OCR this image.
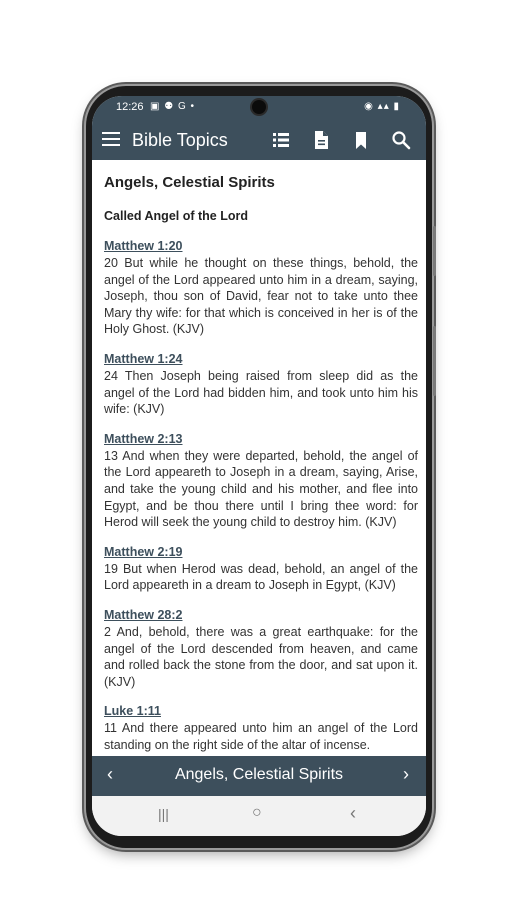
12:26 ▣ ⚉ G •	◉ ▴▴ ▮
Bible Topics
Angels, Celestial Spirits
Called Angel of the Lord
Matthew 1:20
20 But while he thought on these things, behold, the angel of the Lord appeared unto him in a dream, saying, Joseph, thou son of David, fear not to take unto thee Mary thy wife: for that which is conceived in her is of the Holy Ghost. (KJV)
Matthew 1:24
24 Then Joseph being raised from sleep did as the angel of the Lord had bidden him, and took unto him his wife: (KJV)
Matthew 2:13
13 And when they were departed, behold, the angel of the Lord appeareth to Joseph in a dream, saying, Arise, and take the young child and his mother, and flee into Egypt, and be thou there until I bring thee word: for Herod will seek the young child to destroy him. (KJV)
Matthew 2:19
19 But when Herod was dead, behold, an angel of the Lord appeareth in a dream to Joseph in Egypt, (KJV)
Matthew 28:2
2 And, behold, there was a great earthquake: for the angel of the Lord descended from heaven, and came and rolled back the stone from the door, and sat upon it. (KJV)
Luke 1:11
11 And there appeared unto him an angel of the Lord standing on the right side of the altar of incense.
‹	Angels, Celestial Spirits	›
|||	○	‹
